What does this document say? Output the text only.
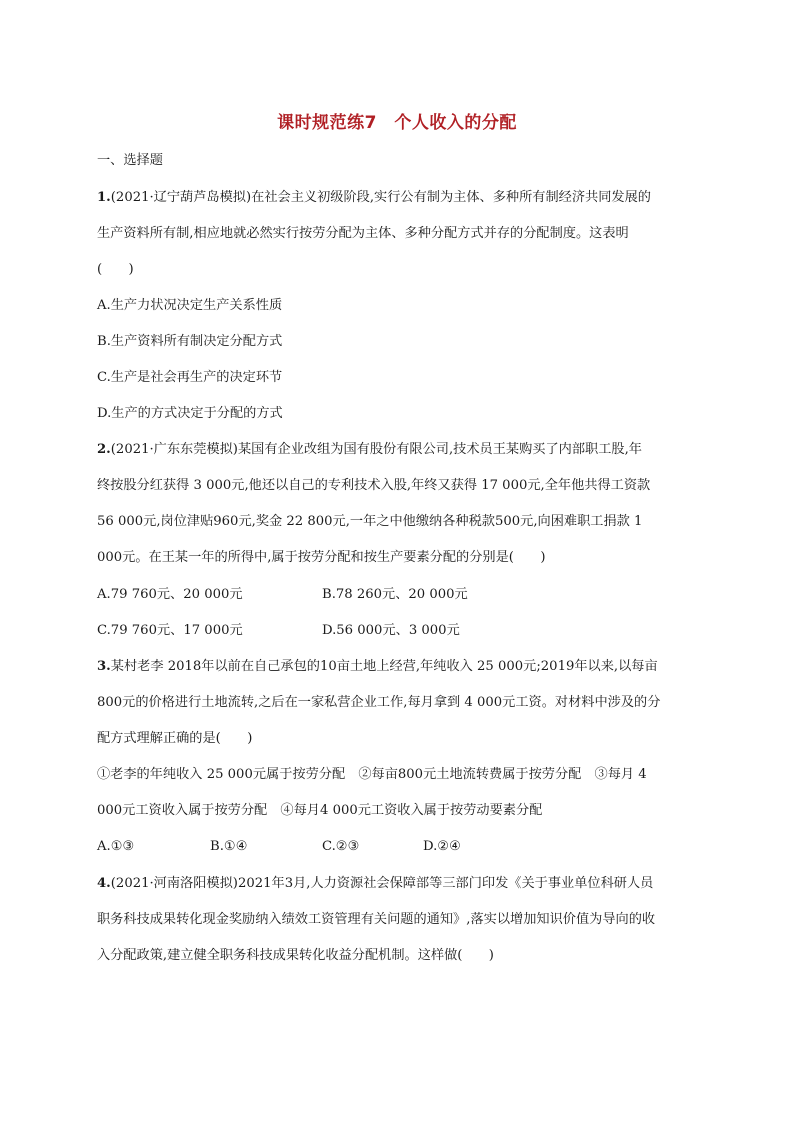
课时规范练7　个人收入的分配
一、选择题
1.(2021·辽宁葫芦岛模拟)在社会主义初级阶段,实行公有制为主体、多种所有制经济共同发展的
生产资料所有制,相应地就必然实行按劳分配为主体、多种分配方式并存的分配制度。这表明
(　　)
A.生产力状况决定生产关系性质
B.生产资料所有制决定分配方式
C.生产是社会再生产的决定环节
D.生产的方式决定于分配的方式
2.(2021·广东东莞模拟)某国有企业改组为国有股份有限公司,技术员王某购买了内部职工股,年
终按股分红获得 3 000元,他还以自己的专利技术入股,年终又获得 17 000元,全年他共得工资款
56 000元,岗位津贴960元,奖金 22 800元,一年之中他缴纳各种税款500元,向困难职工捐款 1
000元。在王某一年的所得中,属于按劳分配和按生产要素分配的分别是(　　)
A.79 760元、20 000元	B.78 260元、20 000元
C.79 760元、17 000元	D.56 000元、3 000元
3.某村老李 2018年以前在自己承包的10亩土地上经营,年纯收入 25 000元;2019年以来,以每亩
800元的价格进行土地流转,之后在一家私营企业工作,每月拿到 4 000元工资。对材料中涉及的分
配方式理解正确的是(　　)
①老李的年纯收入 25 000元属于按劳分配　②每亩800元土地流转费属于按劳分配　③每月 4
000元工资收入属于按劳分配　④每月4 000元工资收入属于按劳动要素分配
A.①③	B.①④	C.②③	D.②④
4.(2021·河南洛阳模拟)2021年3月,人力资源社会保障部等三部门印发《关于事业单位科研人员
职务科技成果转化现金奖励纳入绩效工资管理有关问题的通知》,落实以增加知识价值为导向的收
入分配政策,建立健全职务科技成果转化收益分配机制。这样做(　　)
